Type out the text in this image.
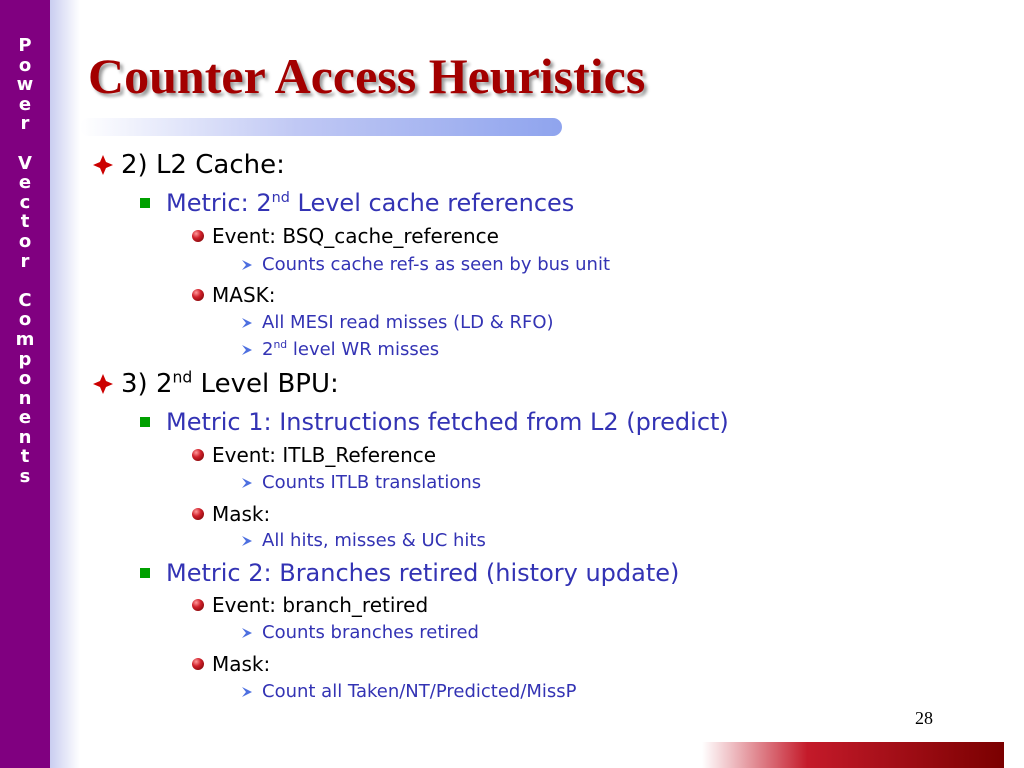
P
o
w
e
r

V
e
c
t
o
r

C
o
m
p
o
n
e
n
t
s
Counter Access Heuristics
2) L2 Cache:
Metric: 2nd Level cache references
Event: BSQ_cache_reference
Counts cache ref-s as seen by bus unit
MASK:
All MESI read misses (LD & RFO)
2nd level WR misses
3) 2nd Level BPU:
Metric 1: Instructions fetched from L2 (predict)
Event: ITLB_Reference
Counts ITLB translations
Mask:
All hits, misses & UC hits
Metric 2: Branches retired (history update)
Event: branch_retired
Counts branches retired
Mask:
Count all Taken/NT/Predicted/MissP

28
